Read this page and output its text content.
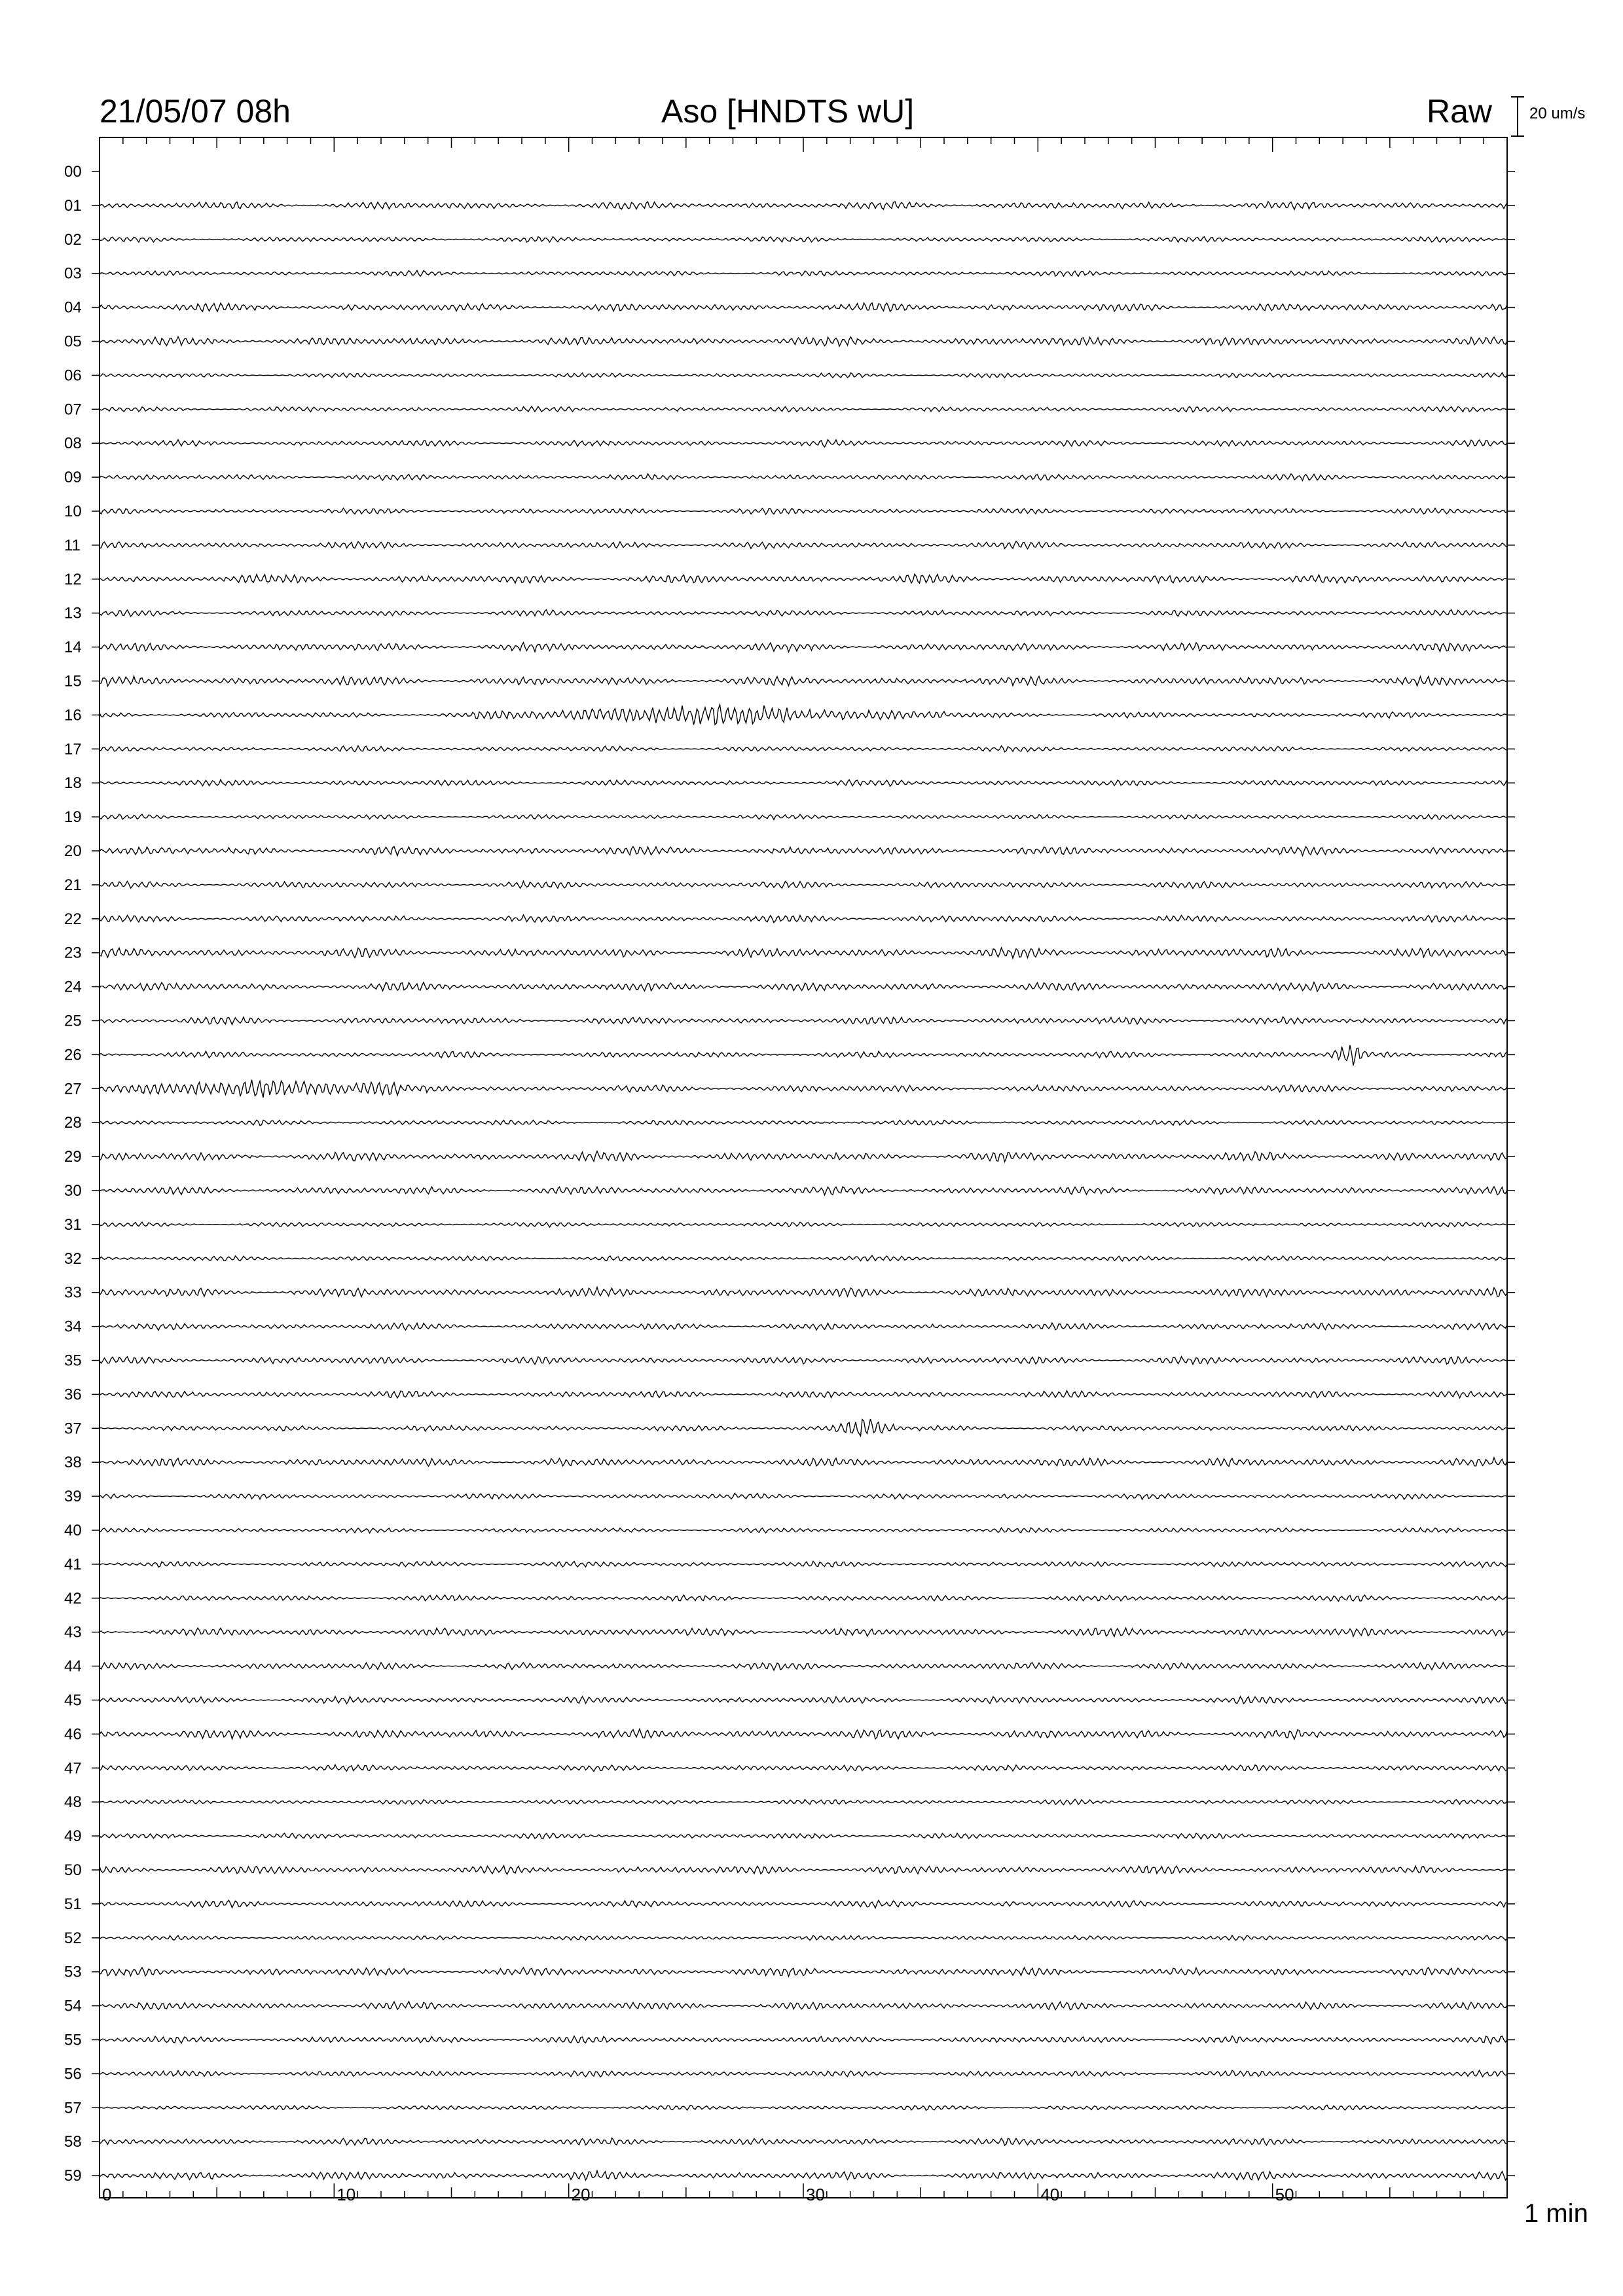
21/05/07 08h	Aso [HNDTS wU]	Raw 20 um/s
1 min
00
01
02
03
04
05
06
07
08
09
10
11
12
13
14
15
16
17
18
19
20
21
22
23
24
25
26
27
28
29
30
31
32
33
34
35
36
37
38
39
40
41
42
43
44
45
46
47
48
49
50
51
52
53
54
55
56
57
58
59
0	10	20	30	40	50
